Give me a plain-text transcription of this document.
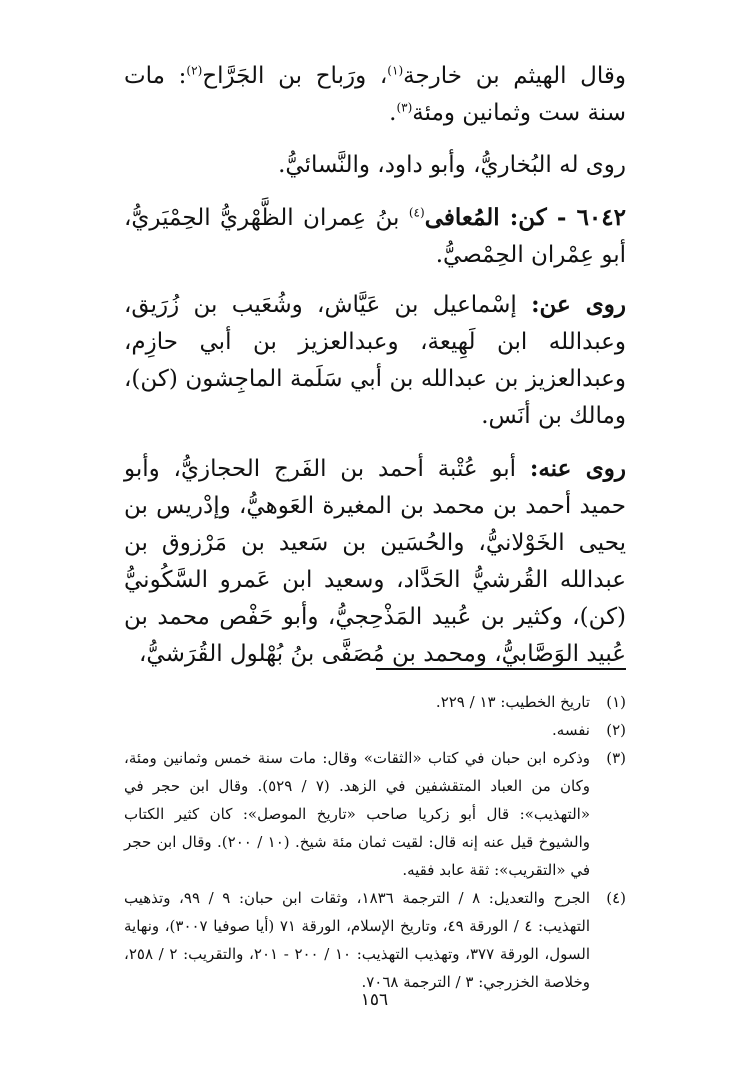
وقال الهيثم بن خارجة$^{(١)}$، ورَباح بن الجَرَّاح$^{(٢)}$: مات سنة ست وثمانين ومئة$^{(٣)}$.

روى له البُخاريُّ، وأبو داود، والنَّسائيُّ.

٦٠٤٢ - كن: المُعافى$^{(٤)}$ بنُ عِمران الظَّهْريُّ الحِمْيَريُّ، أبو عِمْران الحِمْصيُّ.

روى عن: إسْماعيل بن عَيَّاش، وشُعَيب بن زُرَيق، وعبدالله ابن لَهِيعة، وعبدالعزيز بن أبي حازِم، وعبدالعزيز بن عبدالله بن أبي سَلَمة الماجِشون (كن)، ومالك بن أنَس.

روى عنه: أبو عُتْبة أحمد بن الفَرج الحجازيُّ، وأبو حميد أحمد بن محمد بن المغيرة العَوهيُّ، وإدْريس بن يحيى الخَوْلانيُّ، والحُسَين بن سَعيد بن مَرْزوق بن عبدالله القُرشيُّ الحَدَّاد، وسعيد ابن عَمرو السَّكُونيُّ (كن)، وكثير بن عُبيد المَذْحِجيُّ، وأبو حَفْص محمد بن عُبيد الوَصَّابيُّ، ومحمد بن مُصَفَّى بنُ بُهْلول القُرَشيُّ،

(١)
تاريخ الخطيب: ١٣ / ٢٢٩.
(٢)
نفسه.
(٣)
وذكره ابن حبان في كتاب «الثقات» وقال: مات سنة خمس وثمانين ومئة، وكان من العباد المتقشفين في الزهد. (٧ / ٥٢٩). وقال ابن حجر في «التهذيب»: قال أبو زكريا صاحب «تاريخ الموصل»: كان كثير الكتاب والشيوخ قيل عنه إنه قال: لقيت ثمان مئة شيخ. (١٠ / ٢٠٠). وقال ابن حجر في «التقريب»: ثقة عابد فقيه.
(٤)
الجرح والتعديل: ٨ / الترجمة ١٨٣٦، وثقات ابن حبان: ٩ / ٩٩، وتذهيب التهذيب: ٤ / الورقة ٤٩، وتاريخ الإسلام، الورقة ٧١ (أيا صوفيا ٣٠٠٧)، ونهاية السول، الورقة ٣٧٧، وتهذيب التهذيب: ١٠ / ٢٠٠ - ٢٠١، والتقريب: ٢ / ٢٥٨، وخلاصة الخزرجي: ٣ / الترجمة ٧٠٦٨.
١٥٦
